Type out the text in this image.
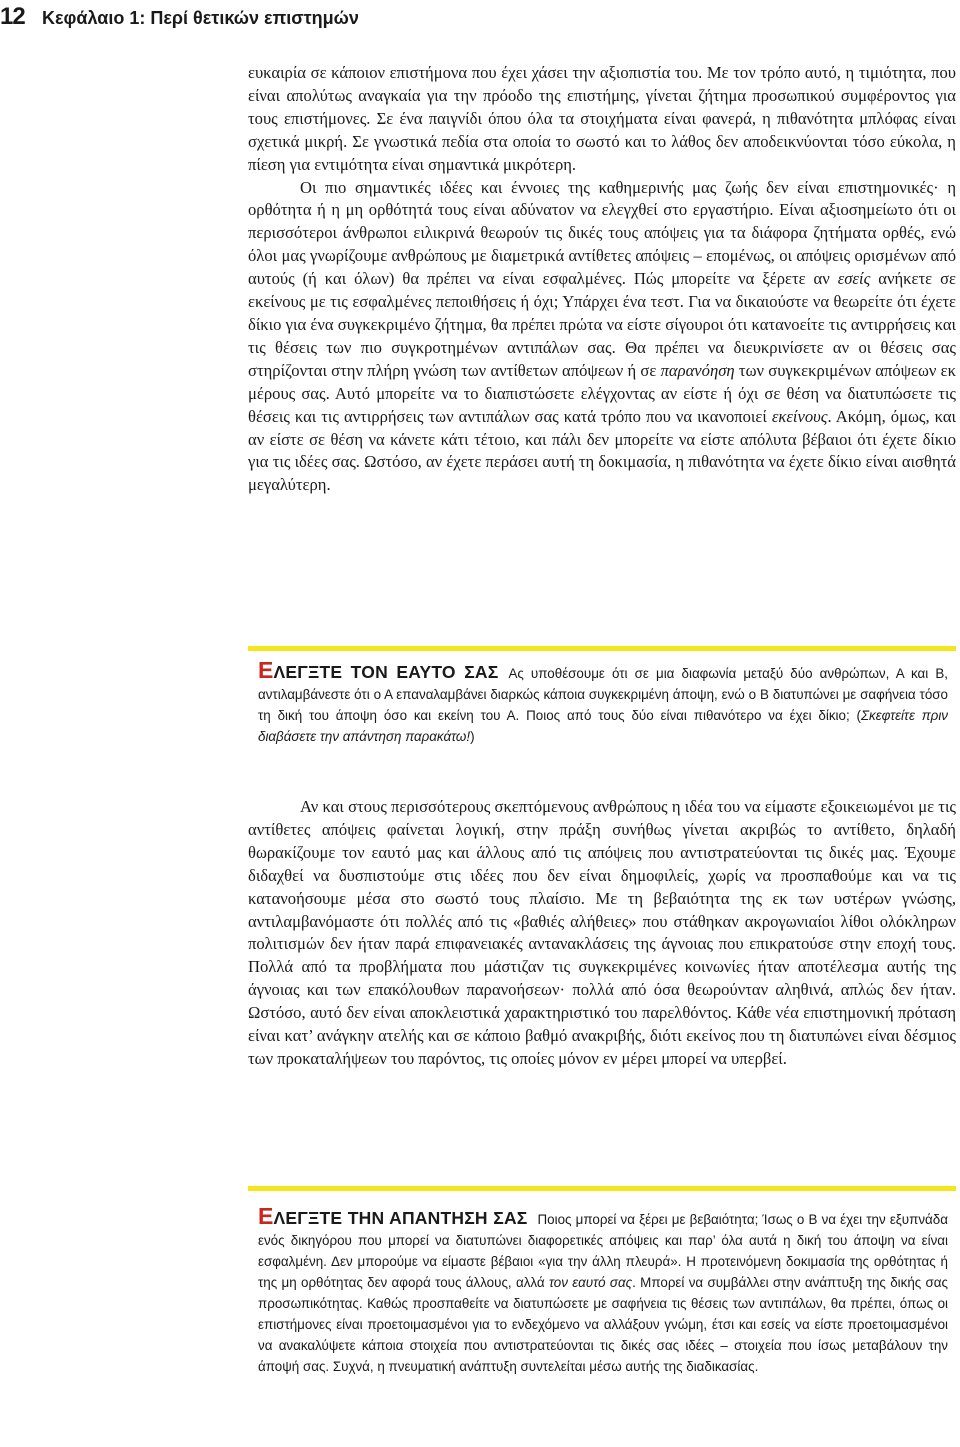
12 Κεφάλαιο 1: Περί θετικών επιστημών

ευκαιρία σε κάποιον επιστήμονα που έχει χάσει την αξιοπιστία του. Με τον τρόπο αυτό, η τιμιότητα, που είναι απολύτως αναγκαία για την πρόοδο της επιστήμης, γίνεται ζήτημα προσωπικού συμφέροντος για τους επιστήμονες. Σε ένα παιγνίδι όπου όλα τα στοιχήματα είναι φανερά, η πιθανότητα μπλόφας είναι σχετικά μικρή. Σε γνωστικά πεδία στα οποία το σωστό και το λάθος δεν αποδεικνύονται τόσο εύκολα, η πίεση για εντιμότητα είναι σημαντικά μικρότερη.

Οι πιο σημαντικές ιδέες και έννοιες της καθημερινής μας ζωής δεν είναι επιστημονικές· η ορθότητα ή η μη ορθότητά τους είναι αδύνατον να ελεγχθεί στο εργαστήριο. Είναι αξιοσημείωτο ότι οι περισσότεροι άνθρωποι ειλικρινά θεωρούν τις δικές τους απόψεις για τα διάφορα ζητήματα ορθές, ενώ όλοι μας γνωρίζουμε ανθρώπους με διαμετρικά αντίθετες απόψεις – επομένως, οι απόψεις ορισμένων από αυτούς (ή και όλων) θα πρέπει να είναι εσφαλμένες. Πώς μπορείτε να ξέρετε αν εσείς ανήκετε σε εκείνους με τις εσφαλμένες πεποιθήσεις ή όχι; Υπάρχει ένα τεστ. Για να δικαιούστε να θεωρείτε ότι έχετε δίκιο για ένα συγκεκριμένο ζήτημα, θα πρέπει πρώτα να είστε σίγουροι ότι κατανοείτε τις αντιρρήσεις και τις θέσεις των πιο συγκροτημένων αντιπάλων σας. Θα πρέπει να διευκρινίσετε αν οι θέσεις σας στηρίζονται στην πλήρη γνώση των αντίθετων απόψεων ή σε παρανόηση των συγκεκριμένων απόψεων εκ μέρους σας. Αυτό μπορείτε να το διαπιστώσετε ελέγχοντας αν είστε ή όχι σε θέση να διατυπώσετε τις θέσεις και τις αντιρρήσεις των αντιπάλων σας κατά τρόπο που να ικανοποιεί εκείνους. Ακόμη, όμως, και αν είστε σε θέση να κάνετε κάτι τέτοιο, και πάλι δεν μπορείτε να είστε απόλυτα βέβαιοι ότι έχετε δίκιο για τις ιδέες σας. Ωστόσο, αν έχετε περάσει αυτή τη δοκιμασία, η πιθανότητα να έχετε δίκιο είναι αισθητά μεγαλύτερη.

ΕΛΕΓΞΤΕ ΤΟΝ ΕΑΥΤΟ ΣΑΣ Ας υποθέσουμε ότι σε μια διαφωνία μεταξύ δύο ανθρώπων, Α και Β, αντιλαμβάνεστε ότι ο Α επαναλαμβάνει διαρκώς κάποια συγκεκριμένη άποψη, ενώ ο Β διατυπώνει με σαφήνεια τόσο τη δική του άποψη όσο και εκείνη του Α. Ποιος από τους δύο είναι πιθανότερο να έχει δίκιο; (Σκεφτείτε πριν διαβάσετε την απάντηση παρακάτω!)

Αν και στους περισσότερους σκεπτόμενους ανθρώπους η ιδέα του να είμαστε εξοικειωμένοι με τις αντίθετες απόψεις φαίνεται λογική, στην πράξη συνήθως γίνεται ακριβώς το αντίθετο, δηλαδή θωρακίζουμε τον εαυτό μας και άλλους από τις απόψεις που αντιστρατεύονται τις δικές μας. Έχουμε διδαχθεί να δυσπιστούμε στις ιδέες που δεν είναι δημοφιλείς, χωρίς να προσπαθούμε και να τις κατανοήσουμε μέσα στο σωστό τους πλαίσιο. Με τη βεβαιότητα της εκ των υστέρων γνώσης, αντιλαμβανόμαστε ότι πολλές από τις «βαθιές αλήθειες» που στάθηκαν ακρογωνιαίοι λίθοι ολόκληρων πολιτισμών δεν ήταν παρά επιφανειακές αντανακλάσεις της άγνοιας που επικρατούσε στην εποχή τους. Πολλά από τα προβλήματα που μάστιζαν τις συγκεκριμένες κοινωνίες ήταν αποτέλεσμα αυτής της άγνοιας και των επακόλουθων παρανοήσεων· πολλά από όσα θεωρούνταν αληθινά, απλώς δεν ήταν. Ωστόσο, αυτό δεν είναι αποκλειστικά χαρακτηριστικό του παρελθόντος. Κάθε νέα επιστημονική πρόταση είναι κατ’ ανάγκην ατελής και σε κάποιο βαθμό ανακριβής, διότι εκείνος που τη διατυπώνει είναι δέσμιος των προκαταλήψεων του παρόντος, τις οποίες μόνον εν μέρει μπορεί να υπερβεί.

ΕΛΕΓΞΤΕ ΤΗΝ ΑΠΑΝΤΗΣΗ ΣΑΣ Ποιος μπορεί να ξέρει με βεβαιότητα; Ίσως ο Β να έχει την εξυπνάδα ενός δικηγόρου που μπορεί να διατυπώνει διαφορετικές απόψεις και παρ’ όλα αυτά η δική του άποψη να είναι εσφαλμένη. Δεν μπορούμε να είμαστε βέβαιοι «για την άλλη πλευρά». Η προτεινόμενη δοκιμασία της ορθότητας ή της μη ορθότητας δεν αφορά τους άλλους, αλλά τον εαυτό σας. Μπορεί να συμβάλλει στην ανάπτυξη της δικής σας προσωπικότητας. Καθώς προσπαθείτε να διατυπώσετε με σαφήνεια τις θέσεις των αντιπάλων, θα πρέπει, όπως οι επιστήμονες είναι προετοιμασμένοι για το ενδεχόμενο να αλλάξουν γνώμη, έτσι και εσείς να είστε προετοιμασμένοι να ανακαλύψετε κάποια στοιχεία που αντιστρατεύονται τις δικές σας ιδέες – στοιχεία που ίσως μεταβάλουν την άποψή σας. Συχνά, η πνευματική ανάπτυξη συντελείται μέσω αυτής της διαδικασίας.
